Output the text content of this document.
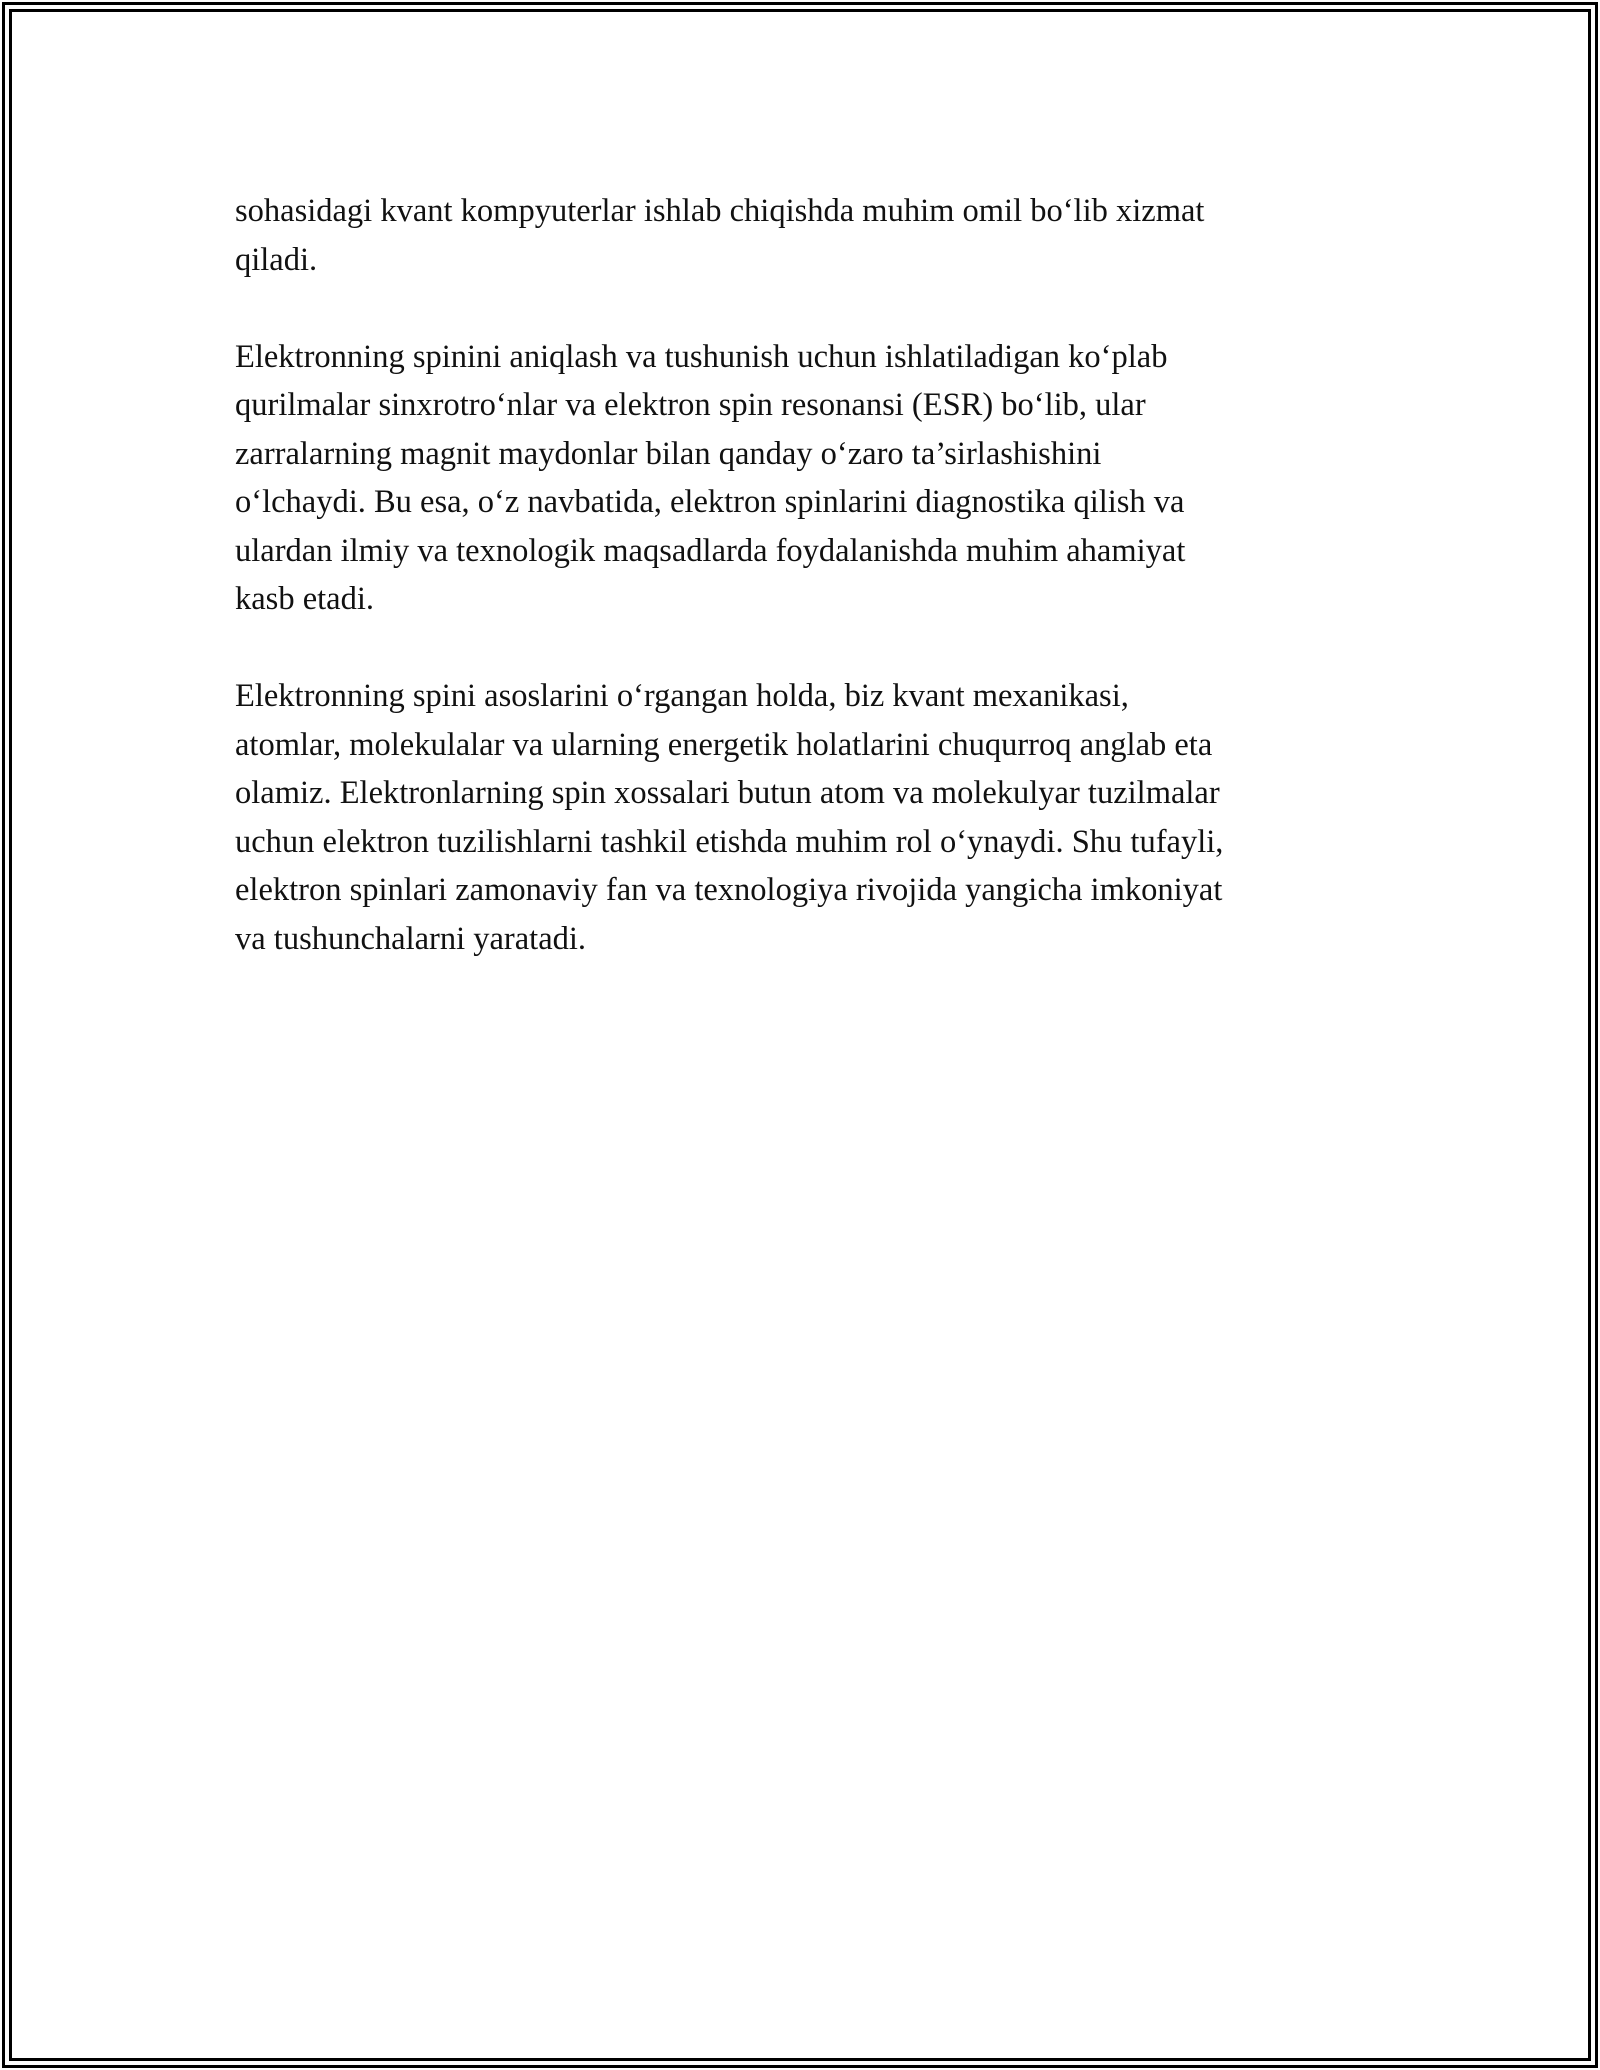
sohasidagi kvant kompyuterlar ishlab chiqishda muhim omil bo‘lib xizmat
qiladi.

Elektronning spinini aniqlash va tushunish uchun ishlatiladigan ko‘plab
qurilmalar sinxrotro‘nlar va elektron spin resonansi (ESR) bo‘lib, ular
zarralarning magnit maydonlar bilan qanday o‘zaro ta’sirlashishini
o‘lchaydi. Bu esa, o‘z navbatida, elektron spinlarini diagnostika qilish va
ulardan ilmiy va texnologik maqsadlarda foydalanishda muhim ahamiyat
kasb etadi.

Elektronning spini asoslarini o‘rgangan holda, biz kvant mexanikasi,
atomlar, molekulalar va ularning energetik holatlarini chuqurroq anglab eta
olamiz. Elektronlarning spin xossalari butun atom va molekulyar tuzilmalar
uchun elektron tuzilishlarni tashkil etishda muhim rol o‘ynaydi. Shu tufayli,
elektron spinlari zamonaviy fan va texnologiya rivojida yangicha imkoniyat
va tushunchalarni yaratadi.
